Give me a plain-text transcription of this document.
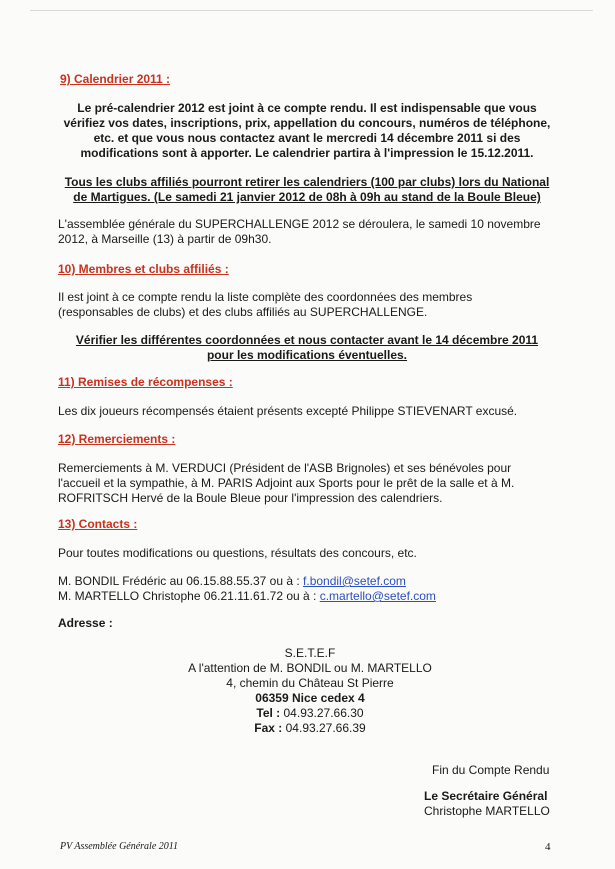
9) Calendrier 2011 :
Le pré-calendrier 2012 est joint à ce compte rendu. Il est indispensable que vous
vérifiez vos dates, inscriptions, prix, appellation du concours, numéros de téléphone,
etc. et que vous nous contactez avant le mercredi 14 décembre 2011 si des
modifications sont à apporter. Le calendrier partira à l'impression le 15.12.2011.
Tous les clubs affiliés pourront retirer les calendriers (100 par clubs) lors du National
de Martigues. (Le samedi 21 janvier 2012 de 08h à 09h au stand de la Boule Bleue)
L'assemblée générale du SUPERCHALLENGE 2012 se déroulera, le samedi 10 novembre
2012, à Marseille (13) à partir de 09h30.
10) Membres et clubs affiliés :
Il est joint à ce compte rendu la liste complète des coordonnées des membres
(responsables de clubs) et des clubs affiliés au SUPERCHALLENGE.
Vérifier les différentes coordonnées et nous contacter avant le 14 décembre 2011
pour les modifications éventuelles.
11) Remises de récompenses :
Les dix joueurs récompensés étaient présents excepté Philippe STIEVENART excusé.
12) Remerciements :
Remerciements à M. VERDUCI (Président de l'ASB Brignoles) et ses bénévoles pour
l'accueil et la sympathie, à M. PARIS Adjoint aux Sports pour le prêt de la salle et à M.
ROFRITSCH Hervé de la Boule Bleue pour l'impression des calendriers.
13) Contacts :
Pour toutes modifications ou questions, résultats des concours, etc.
M. BONDIL Frédéric au 06.15.88.55.37 ou à : f.bondil@setef.com
M. MARTELLO Christophe 06.21.11.61.72 ou à : c.martello@setef.com
Adresse :
S.E.T.E.F
A l'attention de M. BONDIL ou M. MARTELLO
4, chemin du Château St Pierre
06359 Nice cedex 4
Tel : 04.93.27.66.30
Fax : 04.93.27.66.39
Fin du Compte Rendu
Le Secrétaire Général
Christophe MARTELLO
PV Assemblée Générale 2011	4
